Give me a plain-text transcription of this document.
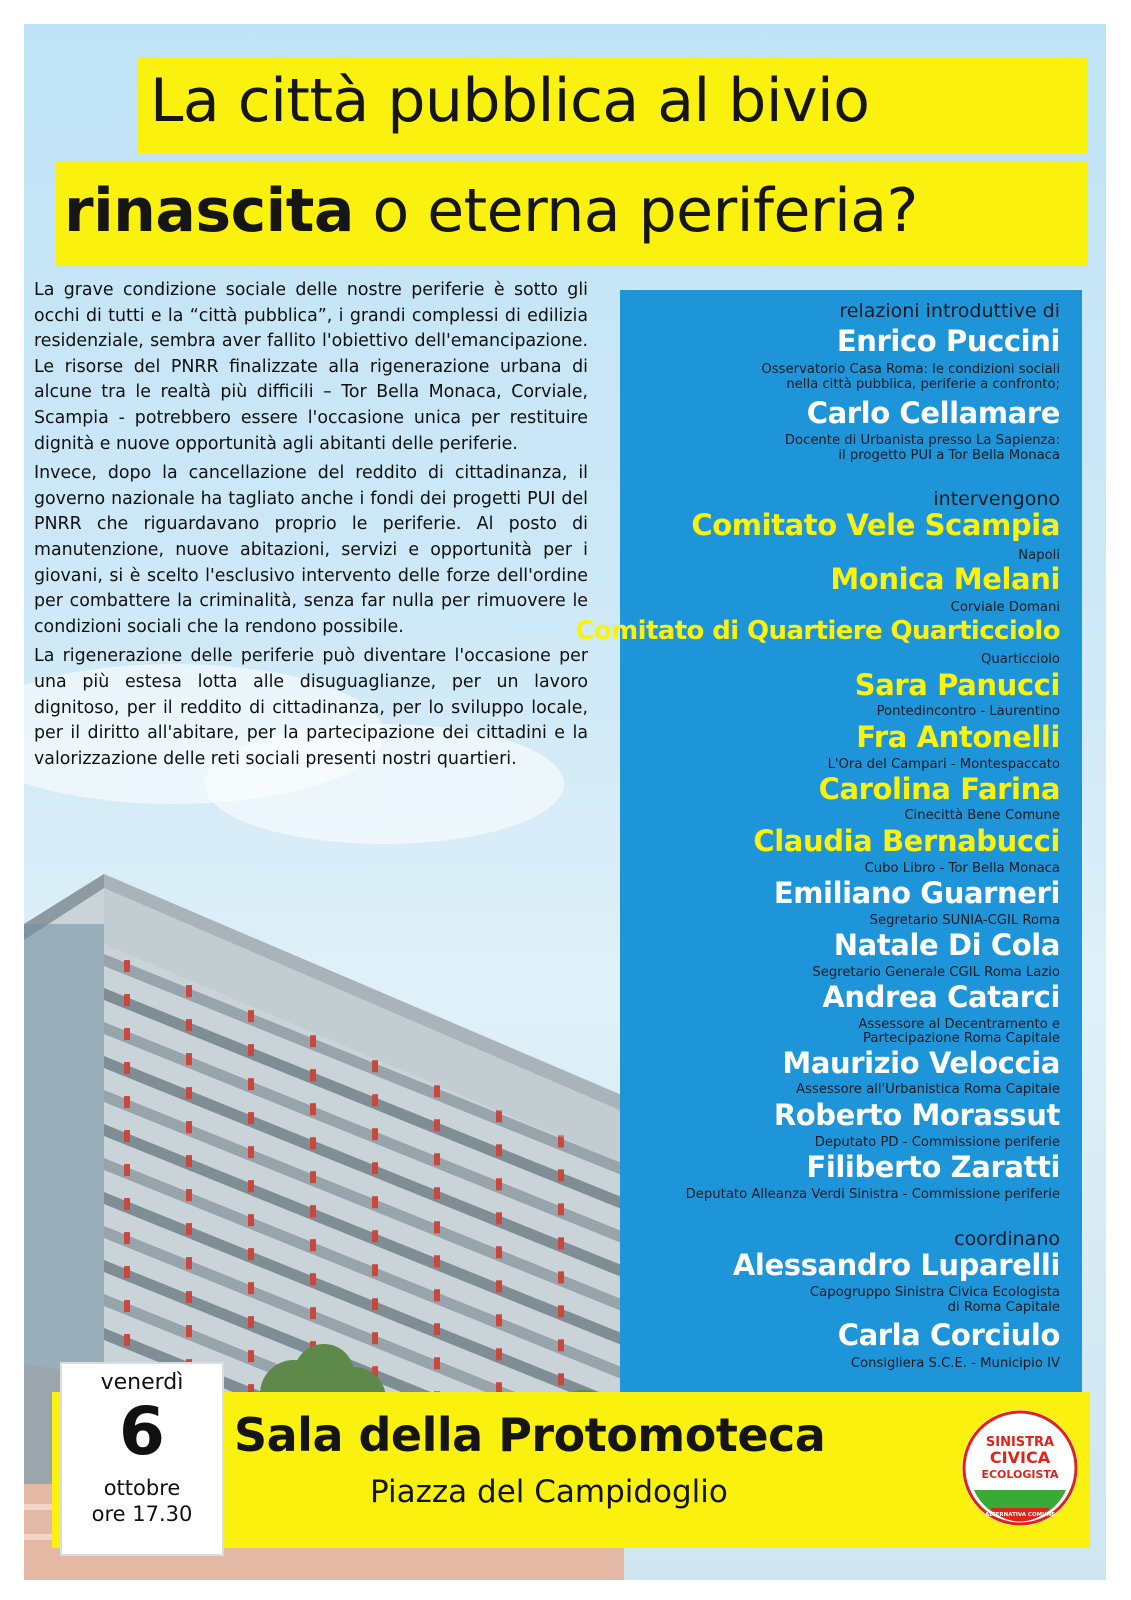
La città pubblica al bivio
rinascita o eterna periferia?

La grave condizione sociale delle nostre periferie è sotto gli occhi di tutti e la “città pubblica”, i grandi complessi di edilizia residenziale, sembra aver fallito l'obiettivo dell'emancipazione. Le risorse del PNRR finalizzate alla rigenerazione urbana di alcune tra le realtà più difficili – Tor Bella Monaca, Corviale, Scampia - potrebbero essere l'occasione unica per restituire dignità e nuove opportunità agli abitanti delle periferie.

Invece, dopo la cancellazione del reddito di cittadinanza, il governo nazionale ha tagliato anche i fondi dei progetti PUI del PNRR che riguardavano proprio le periferie. Al posto di manutenzione, nuove abitazioni, servizi e opportunità per i giovani, si è scelto l'esclusivo intervento delle forze dell'ordine per combattere la criminalità, senza far nulla per rimuovere le condizioni sociali che la rendono possibile.

La rigenerazione delle periferie può diventare l'occasione per una più estesa lotta alle disuguaglianze, per un lavoro dignitoso, per il reddito di cittadinanza, per lo sviluppo locale, per il diritto all'abitare, per la partecipazione dei cittadini e la valorizzazione delle reti sociali presenti nostri quartieri.

relazioni introduttive di
Enrico Puccini
Osservatorio Casa Roma: le condizioni sociali
nella città pubblica, periferie a confronto;
Carlo Cellamare
Docente di Urbanista presso La Sapienza:
il progetto PUI a Tor Bella Monaca
intervengono
Comitato Vele Scampia
Napoli
Monica Melani
Corviale Domani
Comitato di Quartiere Quarticciolo
Quarticciolo
Sara Panucci
Pontedincontro - Laurentino
Fra Antonelli
L'Ora del Campari - Montespaccato
Carolina Farina
Cinecittà Bene Comune
Claudia Bernabucci
Cubo Libro - Tor Bella Monaca
Emiliano Guarneri
Segretario SUNIA-CGIL Roma
Natale Di Cola
Segretario Generale CGIL Roma Lazio
Andrea Catarci
Assessore al Decentramento e
Partecipazione Roma Capitale
Maurizio Veloccia
Assessore all'Urbanistica Roma Capitale
Roberto Morassut
Deputato PD - Commissione periferie
Filiberto Zaratti
Deputato Alleanza Verdi Sinistra - Commissione periferie
coordinano
Alessandro Luparelli
Capogruppo Sinistra Civica Ecologista
di Roma Capitale
Carla Corciulo
Consigliera S.C.E. - Municipio IV
Sala della Protomoteca
Piazza del Campidoglio
venerdì
6
ottobre
ore 17.30
SINISTRA
CIVICA
ECOLOGISTA
ALTERNATIVA COMUNE
